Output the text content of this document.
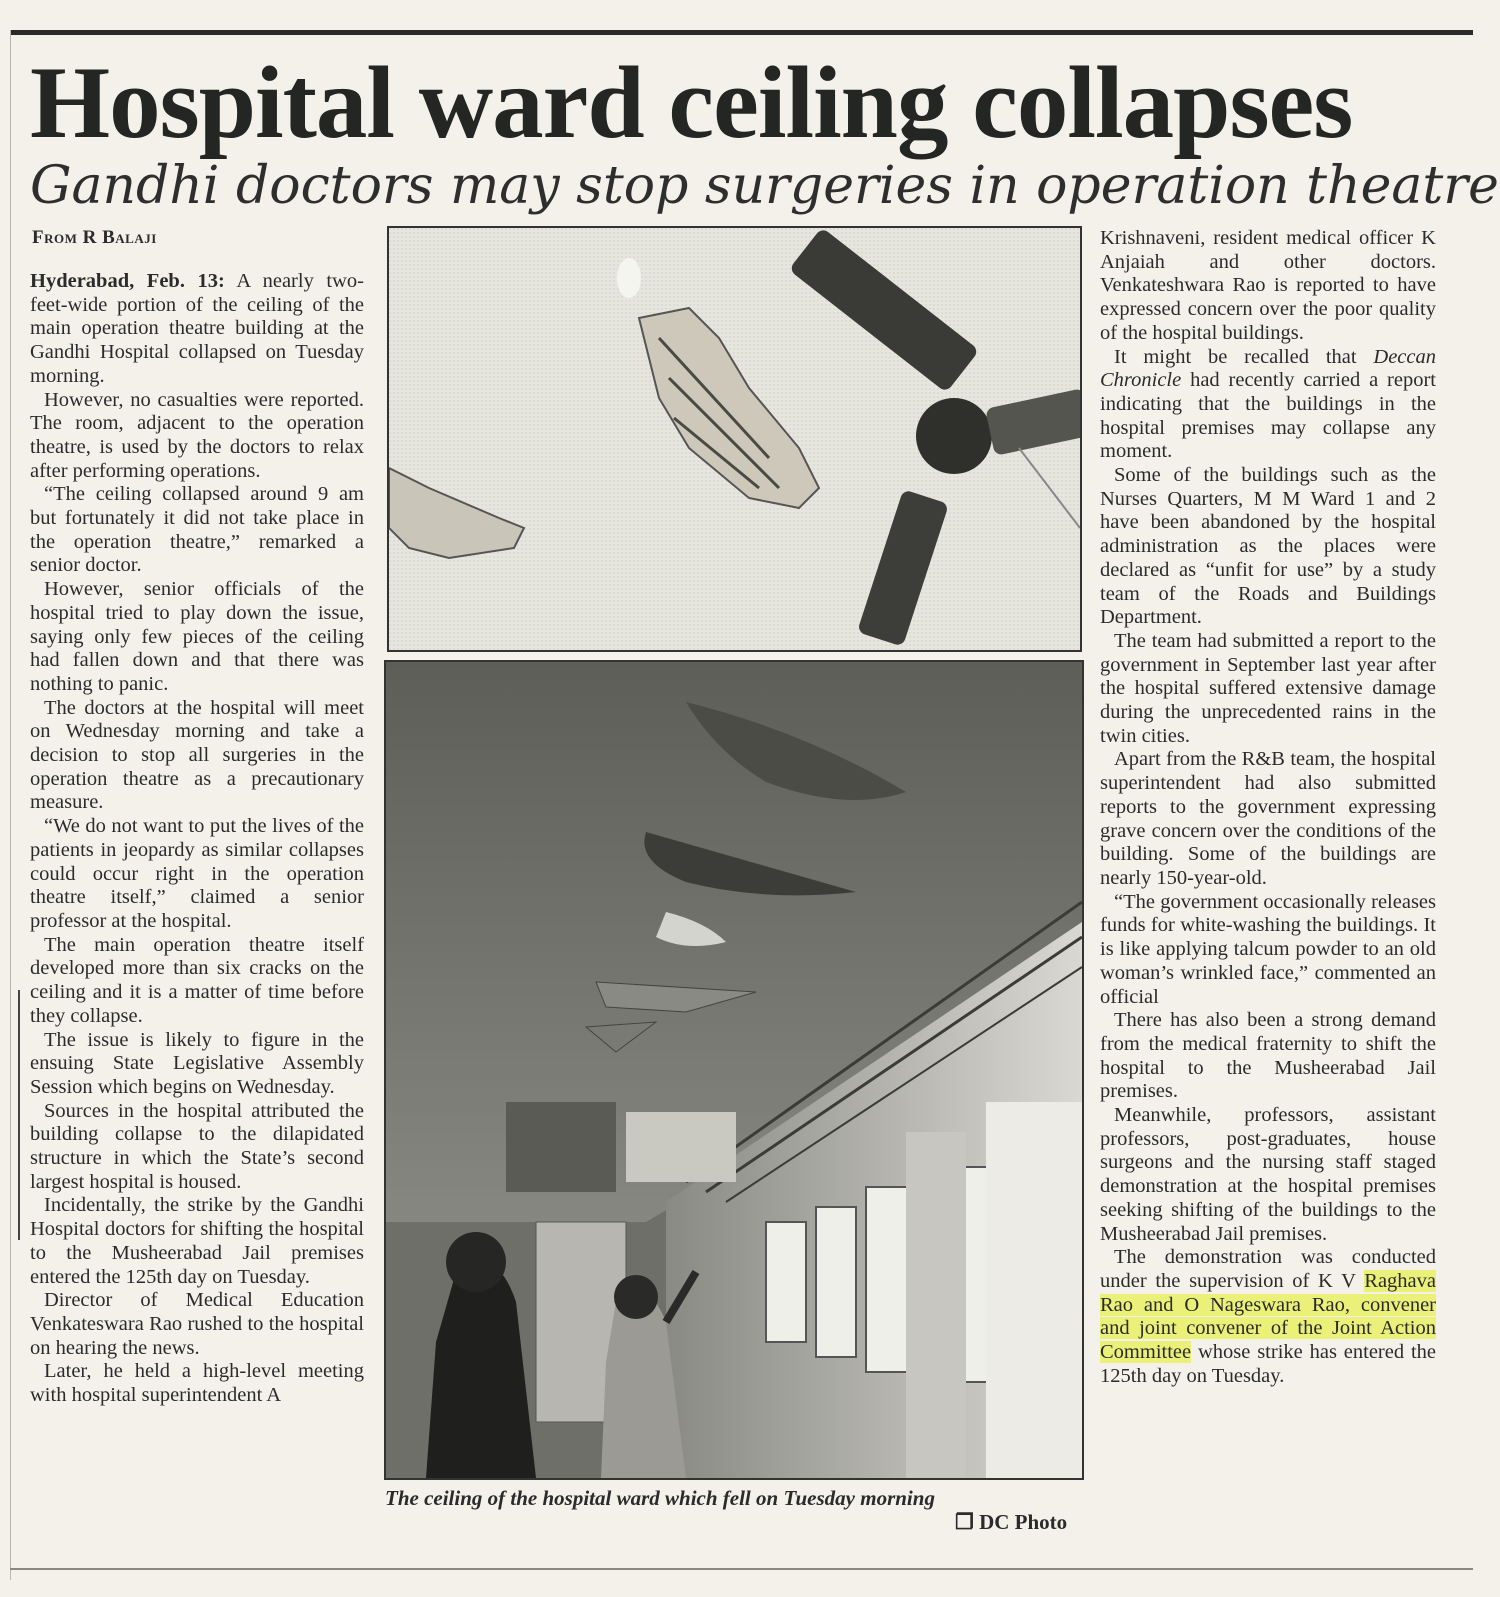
Hospital ward ceiling collapses
Gandhi doctors may stop surgeries in operation theatre
From R Balaji

Hyderabad, Feb. 13: A nearly two-feet-wide portion of the ceiling of the main operation theatre building at the Gandhi Hospital collapsed on Tuesday morning.

However, no casualties were reported. The room, adjacent to the operation theatre, is used by the doctors to relax after performing operations.

“The ceiling collapsed around 9 am but fortunately it did not take place in the operation theatre,” remarked a senior doctor.

However, senior officials of the hospital tried to play down the issue, saying only few pieces of the ceiling had fallen down and that there was nothing to panic.

The doctors at the hospital will meet on Wednesday morning and take a decision to stop all surgeries in the operation theatre as a precautionary measure.

“We do not want to put the lives of the patients in jeopardy as similar collapses could occur right in the operation theatre itself,” claimed a senior professor at the hospital.

The main operation theatre itself developed more than six cracks on the ceiling and it is a matter of time before they collapse.

The issue is likely to figure in the ensuing State Legislative Assembly Session which begins on Wednesday.

Sources in the hospital attributed the building collapse to the dilapidated structure in which the State’s second largest hospital is housed.

Incidentally, the strike by the Gandhi Hospital doctors for shifting the hospital to the Musheerabad Jail premises entered the 125th day on Tuesday.

Director of Medical Education Venkateswara Rao rushed to the hospital on hearing the news.

Later, he held a high-level meeting with hospital superintendent A

The ceiling of the hospital ward which fell on Tuesday morning
❐ DC Photo

Krishnaveni, resident medical officer K Anjaiah and other doctors. Venkateshwara Rao is reported to have expressed concern over the poor quality of the hospital buildings.

It might be recalled that Deccan Chronicle had recently carried a report indicating that the buildings in the hospital premises may collapse any moment.

Some of the buildings such as the Nurses Quarters, M M Ward 1 and 2 have been abandoned by the hospital administration as the places were declared as “unfit for use” by a study team of the Roads and Buildings Department.

The team had submitted a report to the government in September last year after the hospital suffered extensive damage during the unprecedented rains in the twin cities.

Apart from the R&B team, the hospital superintendent had also submitted reports to the government expressing grave concern over the conditions of the building. Some of the buildings are nearly 150-year-old.

“The government occasionally releases funds for white-washing the buildings. It is like applying talcum powder to an old woman’s wrinkled face,” commented an official

There has also been a strong demand from the medical fraternity to shift the hospital to the Musheerabad Jail premises.

Meanwhile, professors, assistant professors, post-graduates, house surgeons and the nursing staff staged demonstration at the hospital premises seeking shifting of the buildings to the Musheerabad Jail premises.

The demonstration was conducted under the supervision of K V Raghava Rao and O Nageswara Rao, convener and joint convener of the Joint Action Committee whose strike has entered the 125th day on Tuesday.
